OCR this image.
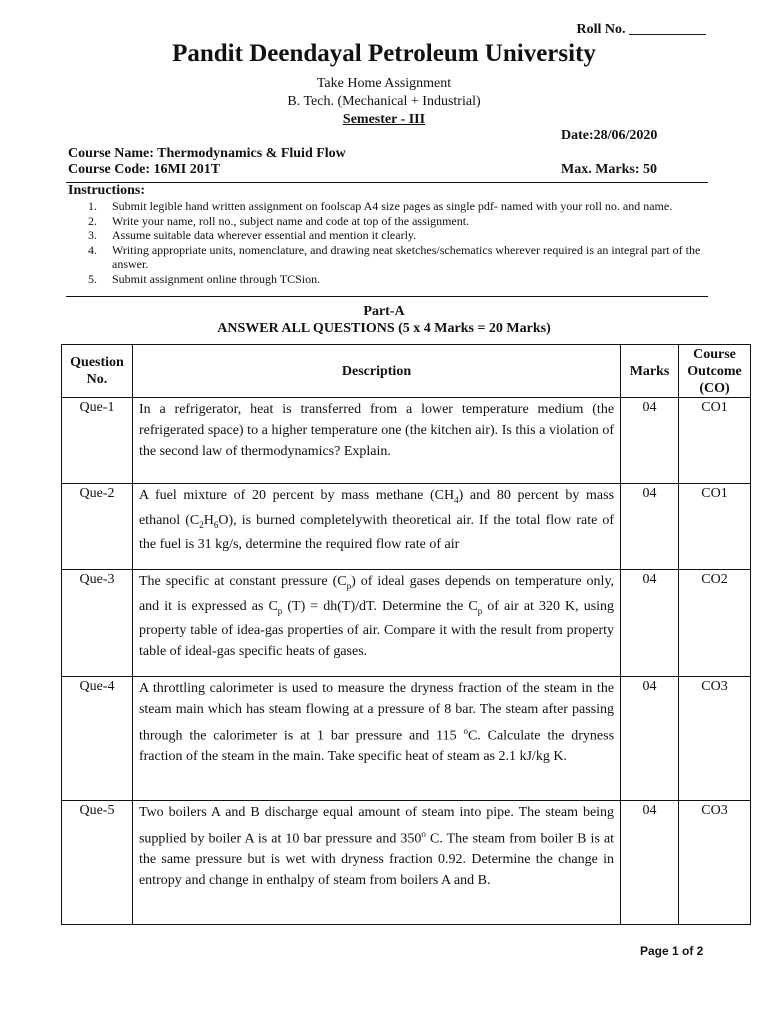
Roll No. ___________
Pandit Deendayal Petroleum University
Take Home Assignment
B. Tech. (Mechanical + Industrial)
Semester - III
Date:28/06/2020
Course Name: Thermodynamics & Fluid Flow
Course Code: 16MI 201T	Max. Marks: 50
Instructions:
1.	Submit legible hand written assignment on foolscap A4 size pages as single pdf- named with your roll no. and name.
2.	Write your name, roll no., subject name and code at top of the assignment.
3.	Assume suitable data wherever essential and mention it clearly.
4.	Writing appropriate units, nomenclature, and drawing neat sketches/schematics wherever required is an integral part of the answer.
5.	Submit assignment online through TCSion.
Part-A
ANSWER ALL QUESTIONS (5 x 4 Marks = 20 Marks)
Question No.	Description	Marks	Course Outcome (CO)
Que-1	In a refrigerator, heat is transferred from a lower temperature medium (the refrigerated space) to a higher temperature one (the kitchen air). Is this a violation of the second law of thermodynamics? Explain.	04	CO1
Que-2	A fuel mixture of 20 percent by mass methane $(CH_4)$ and 80 percent by mass ethanol $(C_2H_6O)$, is burned completelywith theoretical air. If the total flow rate of the fuel is 31 kg/s, determine the required flow rate of air	04	CO1
Que-3	The specific at constant pressure $(C_p)$ of ideal gases depends on temperature only, and it is expressed as $C_p$ (T) = dh(T)/dT. Determine the $C_p$ of air at 320 K, using property table of idea-gas properties of air. Compare it with the result from property table of ideal-gas specific heats of gases.	04	CO2
Que-4	A throttling calorimeter is used to measure the dryness fraction of the steam in the steam main which has steam flowing at a pressure of 8 bar. The steam after passing through the calorimeter is at 1 bar pressure and 115 $^o$C. Calculate the dryness fraction of the steam in the main. Take specific heat of steam as 2.1 kJ/kg K.	04	CO3
Que-5	Two boilers A and B discharge equal amount of steam into pipe. The steam being supplied by boiler A is at 10 bar pressure and 350$^o$ C. The steam from boiler B is at the same pressure but is wet with dryness fraction 0.92. Determine the change in entropy and change in enthalpy of steam from boilers A and B.	04	CO3
Page 1 of 2
